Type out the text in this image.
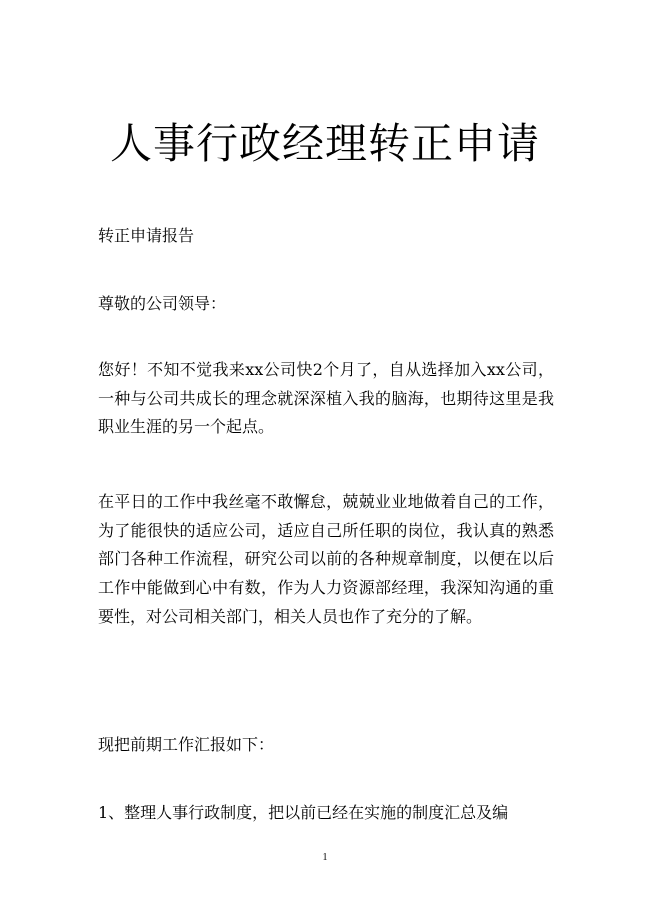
人事行政经理转正申请

转正申请报告

尊敬的公司领导：

您好！不知不觉我来xx公司快2个月了，自从选择加入xx公司，一种与公司共成长的理念就深深植入我的脑海，也期待这里是我职业生涯的另一个起点。

在平日的工作中我丝毫不敢懈怠，兢兢业业地做着自己的工作，为了能很快的适应公司，适应自己所任职的岗位，我认真的熟悉部门各种工作流程，研究公司以前的各种规章制度，以便在以后工作中能做到心中有数，作为人力资源部经理，我深知沟通的重要性，对公司相关部门，相关人员也作了充分的了解。

现把前期工作汇报如下：

1、整理人事行政制度，把以前已经在实施的制度汇总及编

1
